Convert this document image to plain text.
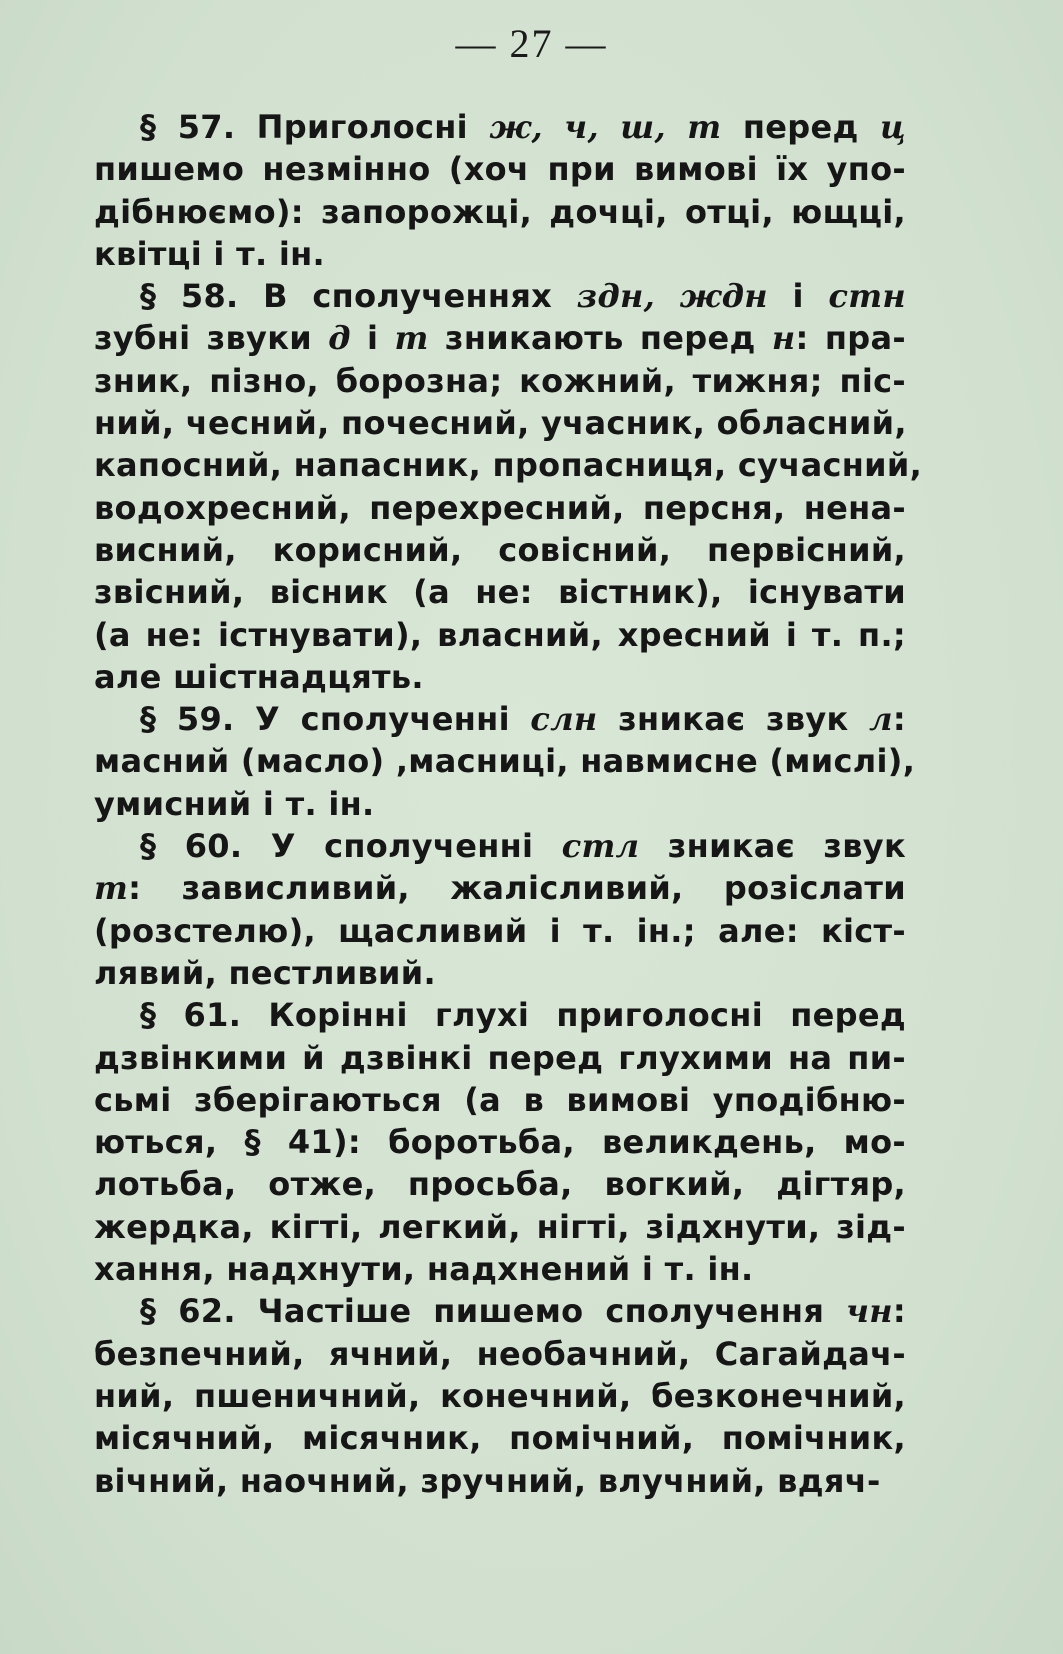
— 27 —
§ 57. Приголосні ж, ч, ш, т перед ц
пишемо незмінно (хоч при вимові їх упо-
дібнюємо): запорожці, дочці, отці, ющці,
квітці і т. ін.
§ 58. В сполученнях здн, ждн і стн
зубні звуки д і т зникають перед н: пра-
зник, пізно, борозна; кожний, тижня; піс-
ний, чесний, почесний, учасник, обласний,
капосний, напасник, пропасниця, сучасний,
водохресний, перехресний, персня, нена-
висний, корисний, совісний, первісний,
звісний, вісник (а не: вістник), існувати
(а не: істнувати), власний, хресний і т. п.;
але шістнадцять.
§ 59. У сполученні слн зникає звук л:
масний (масло) ,масниці, навмисне (мислі),
умисний і т. ін.
§ 60. У сполученні стл зникає звук
т: зависливий, жалісливий, розіслати
(розстелю), щасливий і т. ін.; але: кіст-
лявий, пестливий.
§ 61. Корінні глухі приголосні перед
дзвінкими й дзвінкі перед глухими на пи-
сьмі зберігаються (а в вимові уподібню-
ються, § 41): боротьба, великдень, мо-
лотьба, отже, просьба, вогкий, дігтяр,
жердка, кігті, легкий, нігті, зідхнути, зід-
хання, надхнути, надхнений і т. ін.
§ 62. Частіше пишемо сполучення чн:
безпечний, ячний, необачний, Сагайдач-
ний, пшеничний, конечний, безконечний,
місячний, місячник, помічний, помічник,
вічний, наочний, зручний, влучний, вдяч-
